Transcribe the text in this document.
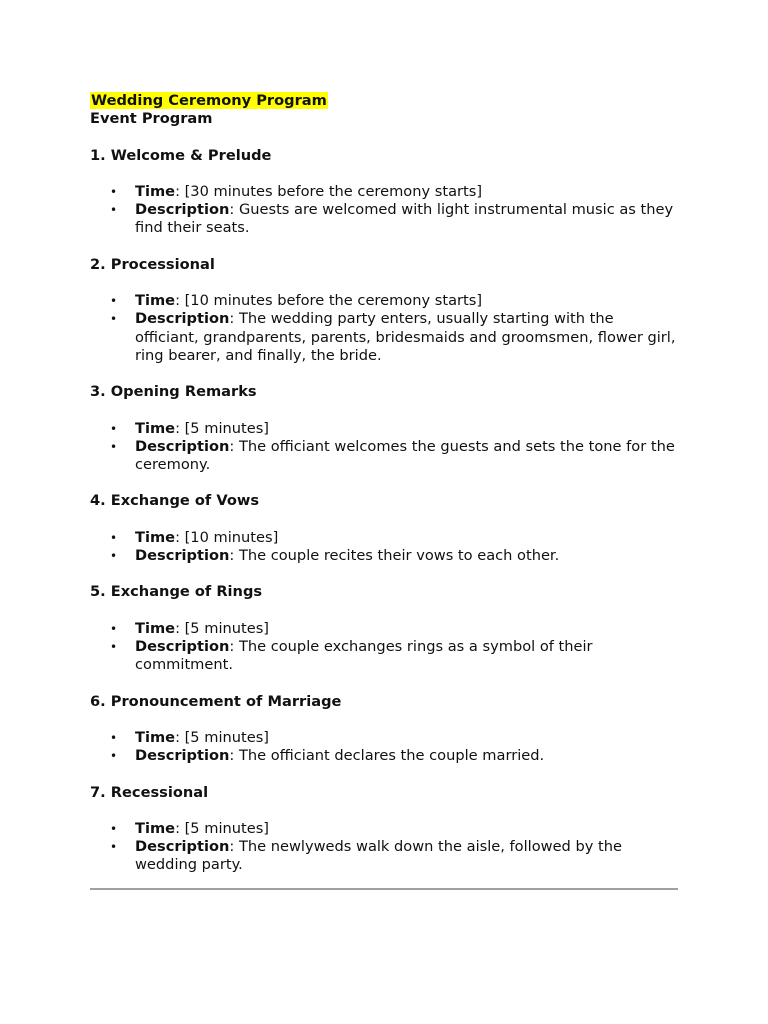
Wedding Ceremony Program
Event Program
1. Welcome & Prelude
• Time: [30 minutes before the ceremony starts]
• Description: Guests are welcomed with light instrumental music as they find their seats.
2. Processional
• Time: [10 minutes before the ceremony starts]
• Description: The wedding party enters, usually starting with the officiant, grandparents, parents, bridesmaids and groomsmen, flower girl, ring bearer, and finally, the bride.
3. Opening Remarks
• Time: [5 minutes]
• Description: The officiant welcomes the guests and sets the tone for the ceremony.
4. Exchange of Vows
• Time: [10 minutes]
• Description: The couple recites their vows to each other.
5. Exchange of Rings
• Time: [5 minutes]
• Description: The couple exchanges rings as a symbol of their commitment.
6. Pronouncement of Marriage
• Time: [5 minutes]
• Description: The officiant declares the couple married.
7. Recessional
• Time: [5 minutes]
• Description: The newlyweds walk down the aisle, followed by the wedding party.
